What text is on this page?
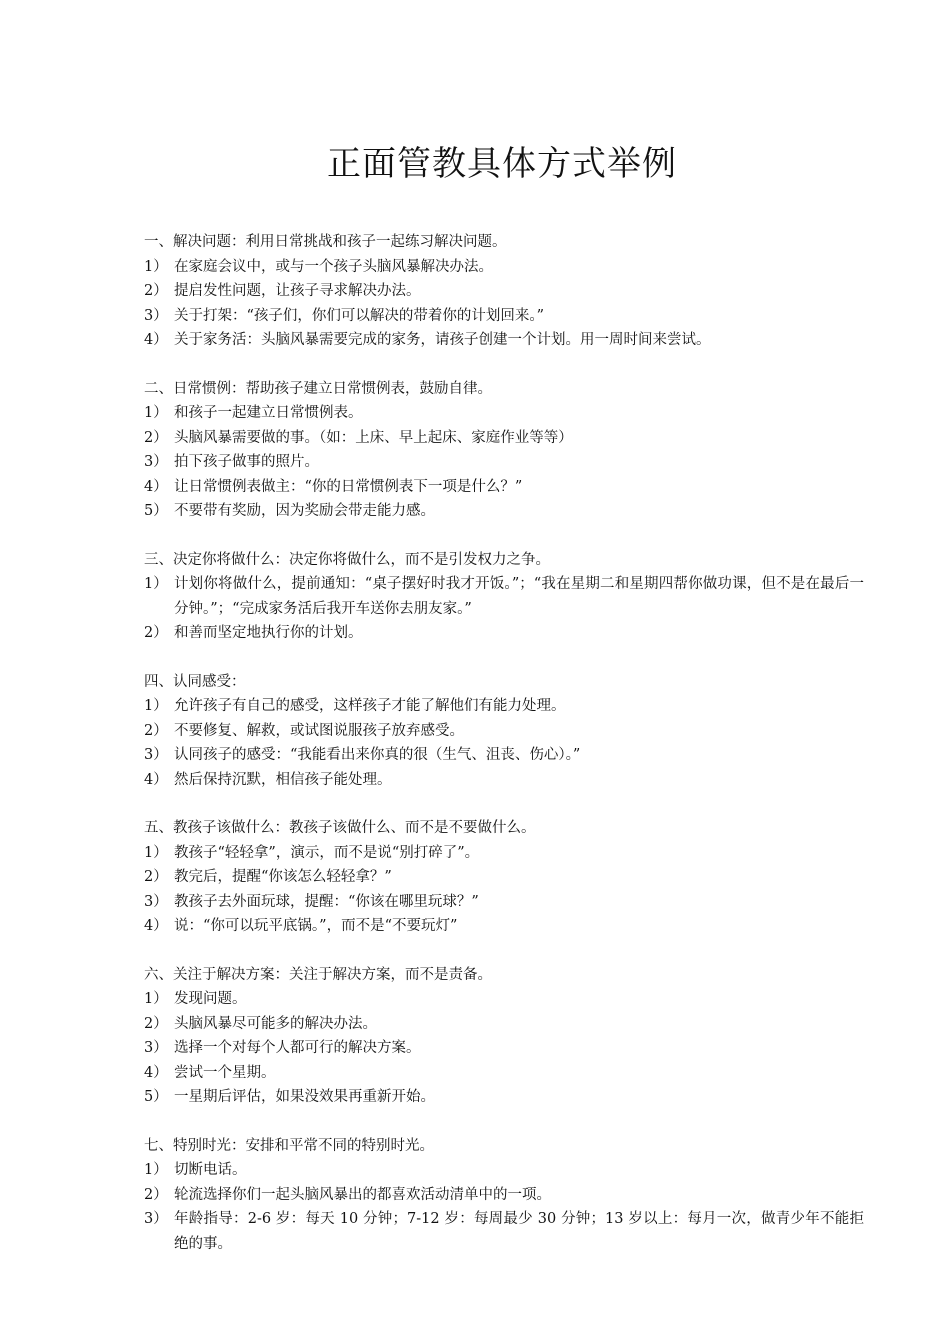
正面管教具体方式举例
一、解决问题：利用日常挑战和孩子一起练习解决问题。
1） 在家庭会议中，或与一个孩子头脑风暴解决办法。
2） 提启发性问题，让孩子寻求解决办法。
3） 关于打架：“孩子们，你们可以解决的带着你的计划回来。”
4） 关于家务活：头脑风暴需要完成的家务，请孩子创建一个计划。用一周时间来尝试。
二、日常惯例：帮助孩子建立日常惯例表，鼓励自律。
1） 和孩子一起建立日常惯例表。
2） 头脑风暴需要做的事。（如：上床、早上起床、家庭作业等等）
3） 拍下孩子做事的照片。
4） 让日常惯例表做主：“你的日常惯例表下一项是什么？”
5） 不要带有奖励，因为奖励会带走能力感。
三、决定你将做什么：决定你将做什么，而不是引发权力之争。
1） 计划你将做什么，提前通知：“桌子摆好时我才开饭。”；“我在星期二和星期四帮你做功课，但不是在最后一分钟。”；“完成家务活后我开车送你去朋友家。”
2） 和善而坚定地执行你的计划。
四、认同感受：
1） 允许孩子有自己的感受，这样孩子才能了解他们有能力处理。
2） 不要修复、解救，或试图说服孩子放弃感受。
3） 认同孩子的感受：“我能看出来你真的很（生气、沮丧、伤心）。”
4） 然后保持沉默，相信孩子能处理。
五、教孩子该做什么：教孩子该做什么、而不是不要做什么。
1） 教孩子“轻轻拿”，演示，而不是说“别打碎了”。
2） 教完后，提醒“你该怎么轻轻拿？”
3） 教孩子去外面玩球，提醒：“你该在哪里玩球？”
4） 说：“你可以玩平底锅。”，而不是“不要玩灯”
六、关注于解决方案：关注于解决方案，而不是责备。
1） 发现问题。
2） 头脑风暴尽可能多的解决办法。
3） 选择一个对每个人都可行的解决方案。
4） 尝试一个星期。
5） 一星期后评估，如果没效果再重新开始。
七、特别时光：安排和平常不同的特别时光。
1） 切断电话。
2） 轮流选择你们一起头脑风暴出的都喜欢活动清单中的一项。
3） 年龄指导：2-6 岁：每天 10 分钟；7-12 岁：每周最少 30 分钟；13 岁以上：每月一次，做青少年不能拒绝的事。
